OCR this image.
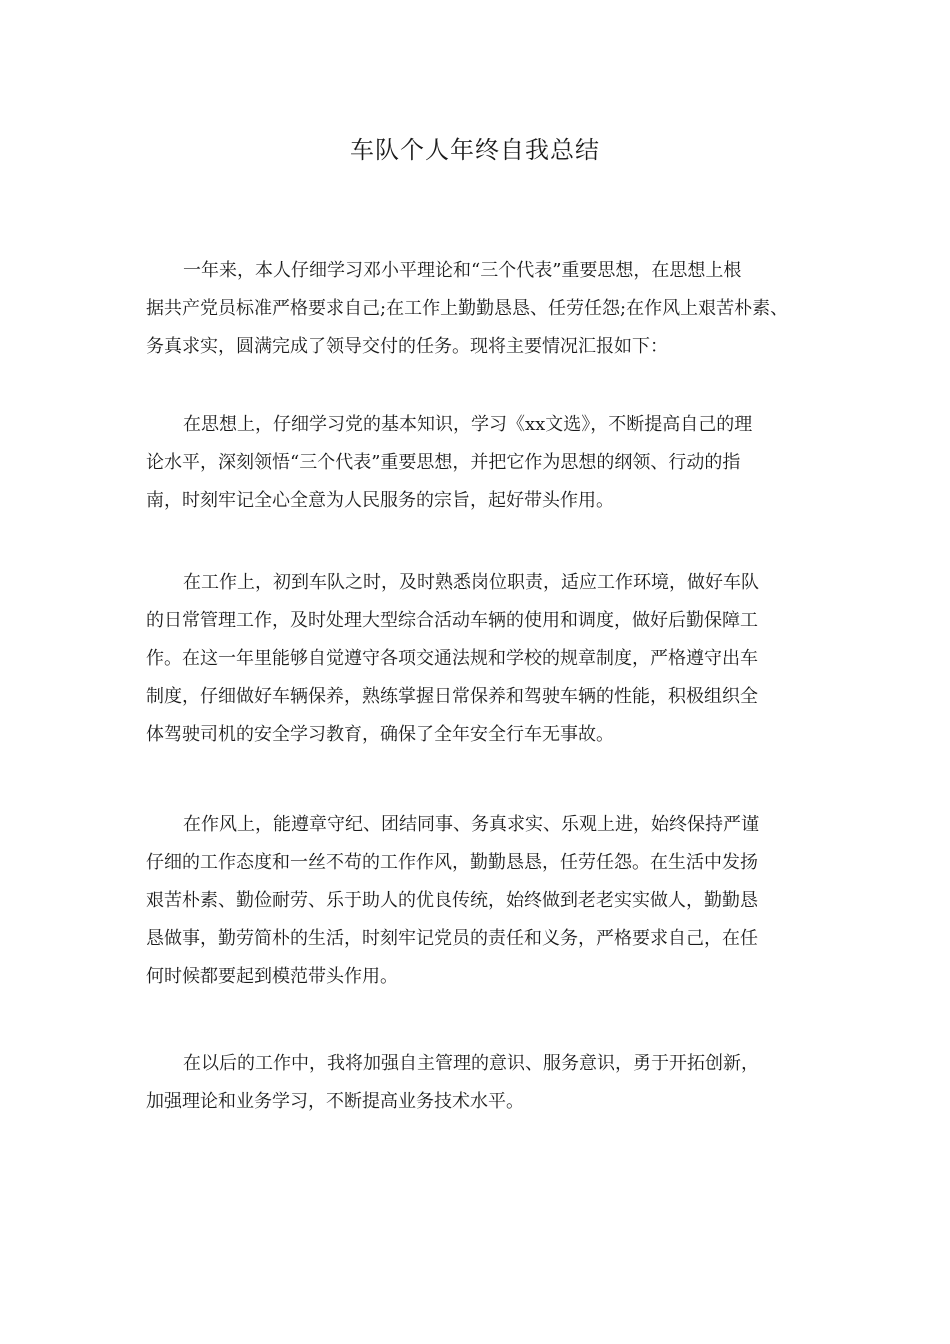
车队个人年终自我总结
一年来，本人仔细学习邓小平理论和“三个代表”重要思想，在思想上根
据共产党员标准严格要求自己;在工作上勤勤恳恳、任劳任怨;在作风上艰苦朴素、
务真求实，圆满完成了领导交付的任务。现将主要情况汇报如下：
在思想上，仔细学习党的基本知识，学习《xx文选》，不断提高自己的理
论水平，深刻领悟“三个代表”重要思想，并把它作为思想的纲领、行动的指
南，时刻牢记全心全意为人民服务的宗旨，起好带头作用。
在工作上，初到车队之时，及时熟悉岗位职责，适应工作环境，做好车队
的日常管理工作，及时处理大型综合活动车辆的使用和调度，做好后勤保障工
作。在这一年里能够自觉遵守各项交通法规和学校的规章制度，严格遵守出车
制度，仔细做好车辆保养，熟练掌握日常保养和驾驶车辆的性能，积极组织全
体驾驶司机的安全学习教育，确保了全年安全行车无事故。
在作风上，能遵章守纪、团结同事、务真求实、乐观上进，始终保持严谨
仔细的工作态度和一丝不苟的工作作风，勤勤恳恳，任劳任怨。在生活中发扬
艰苦朴素、勤俭耐劳、乐于助人的优良传统，始终做到老老实实做人，勤勤恳
恳做事，勤劳简朴的生活，时刻牢记党员的责任和义务，严格要求自己，在任
何时候都要起到模范带头作用。
在以后的工作中，我将加强自主管理的意识、服务意识，勇于开拓创新，
加强理论和业务学习，不断提高业务技术水平。
